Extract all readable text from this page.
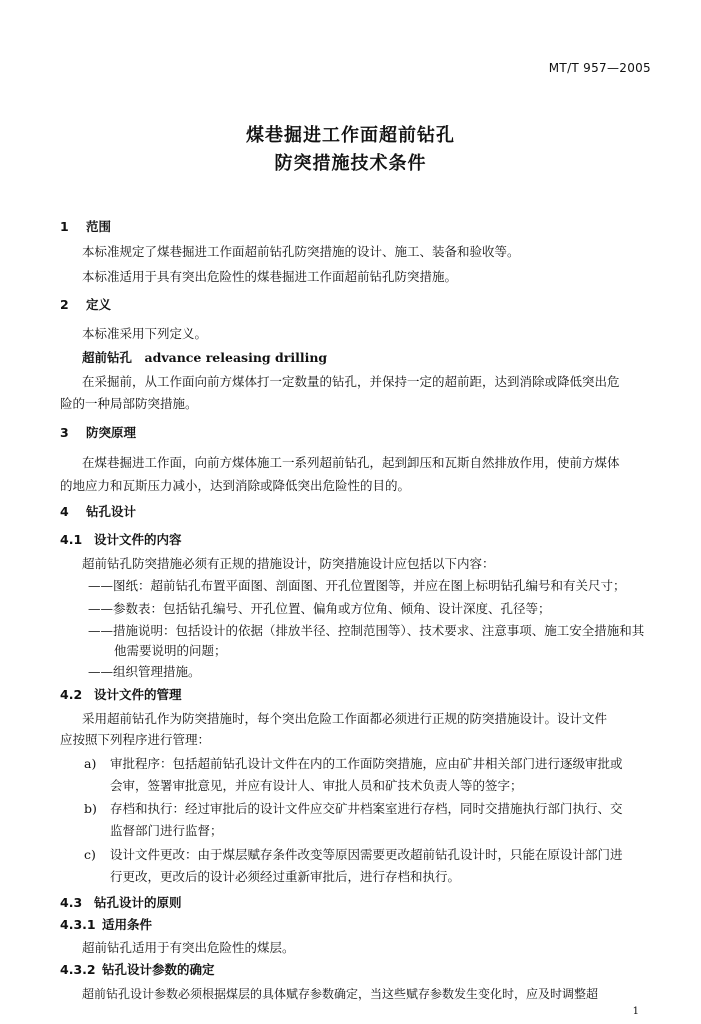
MT/T 957—2005
煤巷掘进工作面超前钻孔
防突措施技术条件
1 范围
本标准规定了煤巷掘进工作面超前钻孔防突措施的设计、施工、装备和验收等。
本标准适用于具有突出危险性的煤巷掘进工作面超前钻孔防突措施。
2 定义
本标准采用下列定义。
超前钻孔　advance releasing drilling
在采掘前，从工作面向前方煤体打一定数量的钻孔，并保持一定的超前距，达到消除或降低突出危
险的一种局部防突措施。
3 防突原理
在煤巷掘进工作面，向前方煤体施工一系列超前钻孔，起到卸压和瓦斯自然排放作用，使前方煤体
的地应力和瓦斯压力减小，达到消除或降低突出危险性的目的。
4 钻孔设计
4.1 设计文件的内容
超前钻孔防突措施必须有正规的措施设计，防突措施设计应包括以下内容：
——图纸：超前钻孔布置平面图、剖面图、开孔位置图等，并应在图上标明钻孔编号和有关尺寸；
——参数表：包括钻孔编号、开孔位置、偏角或方位角、倾角、设计深度、孔径等；
——措施说明：包括设计的依据（排放半径、控制范围等）、技术要求、注意事项、施工安全措施和其
他需要说明的问题；
——组织管理措施。
4.2 设计文件的管理
采用超前钻孔作为防突措施时，每个突出危险工作面都必须进行正规的防突措施设计。设计文件
应按照下列程序进行管理：
a) 审批程序：包括超前钻孔设计文件在内的工作面防突措施，应由矿井相关部门进行逐级审批或
会审，签署审批意见，并应有设计人、审批人员和矿技术负责人等的签字；
b) 存档和执行：经过审批后的设计文件应交矿井档案室进行存档，同时交措施执行部门执行、交
监督部门进行监督；
c) 设计文件更改：由于煤层赋存条件改变等原因需要更改超前钻孔设计时，只能在原设计部门进
行更改，更改后的设计必须经过重新审批后，进行存档和执行。
4.3 钻孔设计的原则
4.3.1 适用条件
超前钻孔适用于有突出危险性的煤层。
4.3.2 钻孔设计参数的确定
超前钻孔设计参数必须根据煤层的具体赋存参数确定，当这些赋存参数发生变化时，应及时调整超
1
